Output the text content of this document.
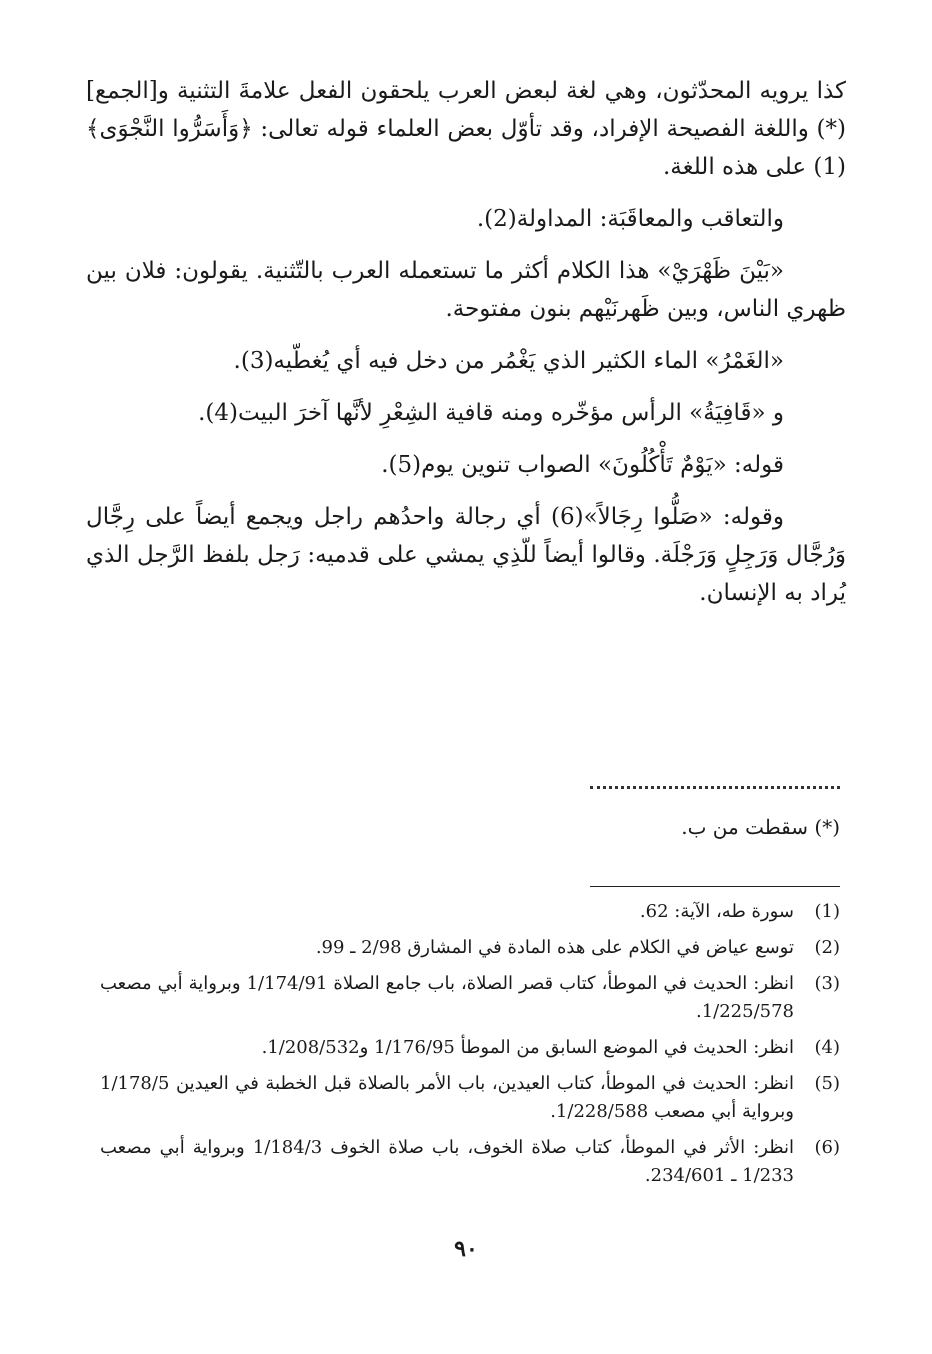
كذا يرويه المحدّثون، وهي لغة لبعض العرب يلحقون الفعل علامةَ التثنية و[الجمع](*) واللغة الفصيحة الإفراد، وقد تأوّل بعض العلماء قوله تعالى: ﴿وَأَسَرُّوا النَّجْوَى﴾(1) على هذه اللغة.

والتعاقب والمعاقَبَة: المداولة(2).

«بَيْنَ ظَهْرَيْ» هذا الكلام أكثر ما تستعمله العرب بالتّثنية. يقولون: فلان بين ظهري الناس، وبين ظَهرنَيْهم بنون مفتوحة.

«الغَمْرُ» الماء الكثير الذي يَغْمُر من دخل فيه أي يُغطّيه(3).

و «قَافِيَةُ» الرأس مؤخّره ومنه قافية الشِعْرِ لأنَّها آخرَ البيت(4).

قوله: «يَوْمٌ تَأْكُلُونَ» الصواب تنوين يوم(5).

وقوله: «صَلُّوا رِجَالاً»(6) أي رجالة واحدُهم راجل ويجمع أيضاً على رِجَّال وَرُجَّال وَرَجِلٍ وَرَجْلَة. وقالوا أيضاً للّذِي يمشي على قدميه: رَجل بلفظ الرَّجل الذي يُراد به الإنسان.

(*) سقطت من ب.
(1)
سورة طه، الآية: 62.
(2)
توسع عياض في الكلام على هذه المادة في المشارق 2/98 ـ 99.
(3)
انظر: الحديث في الموطأ، كتاب قصر الصلاة، باب جامع الصلاة 1/174/91 وبرواية أبي مصعب 1/225/578.
(4)
انظر: الحديث في الموضع السابق من الموطأ 1/176/95 و1/208/532.
(5)
انظر: الحديث في الموطأ، كتاب العيدين، باب الأمر بالصلاة قبل الخطبة في العيدين 1/178/5 وبرواية أبي مصعب 1/228/588.
(6)
انظر: الأثر في الموطأ، كتاب صلاة الخوف، باب صلاة الخوف 1/184/3 وبرواية أبي مصعب 1/233 ـ 234/601.
٩٠
